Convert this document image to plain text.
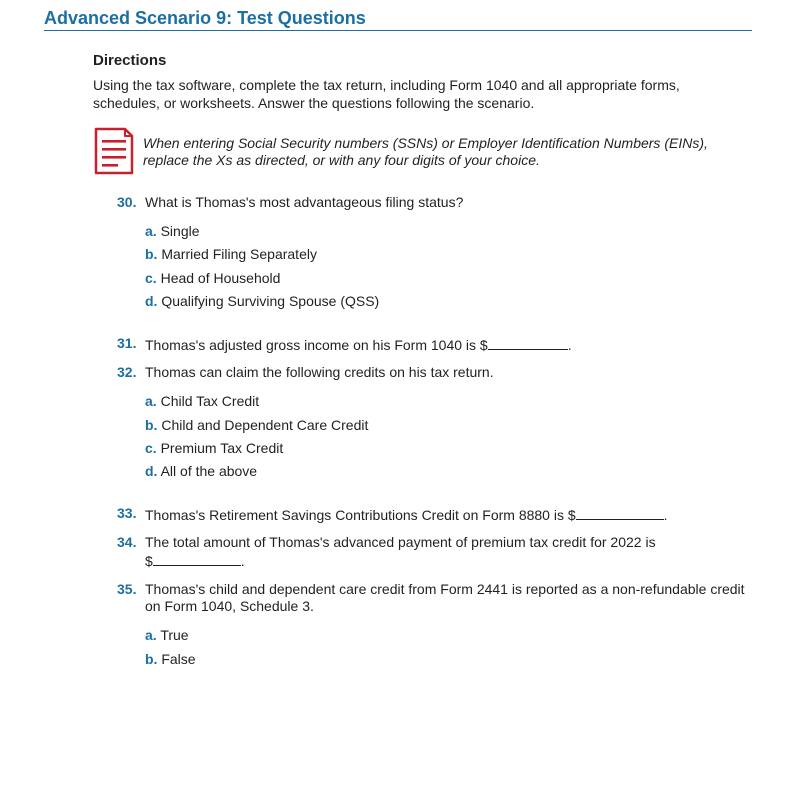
Advanced Scenario 9: Test Questions
Directions
Using the tax software, complete the tax return, including Form 1040 and all appropriate forms, schedules, or worksheets. Answer the questions following the scenario.
When entering Social Security numbers (SSNs) or Employer Identification Numbers (EINs), replace the Xs as directed, or with any four digits of your choice.
30. What is Thomas's most advantageous filing status?
a. Single
b. Married Filing Separately
c. Head of Household
d. Qualifying Surviving Spouse (QSS)
31. Thomas's adjusted gross income on his Form 1040 is $	.
32. Thomas can claim the following credits on his tax return.
a. Child Tax Credit
b. Child and Dependent Care Credit
c. Premium Tax Credit
d. All of the above
33. Thomas's Retirement Savings Contributions Credit on Form 8880 is $	.
34. The total amount of Thomas's advanced payment of premium tax credit for 2022 is
$	.
35. Thomas's child and dependent care credit from Form 2441 is reported as a non-refundable credit on Form 1040, Schedule 3.
a. True
b. False
